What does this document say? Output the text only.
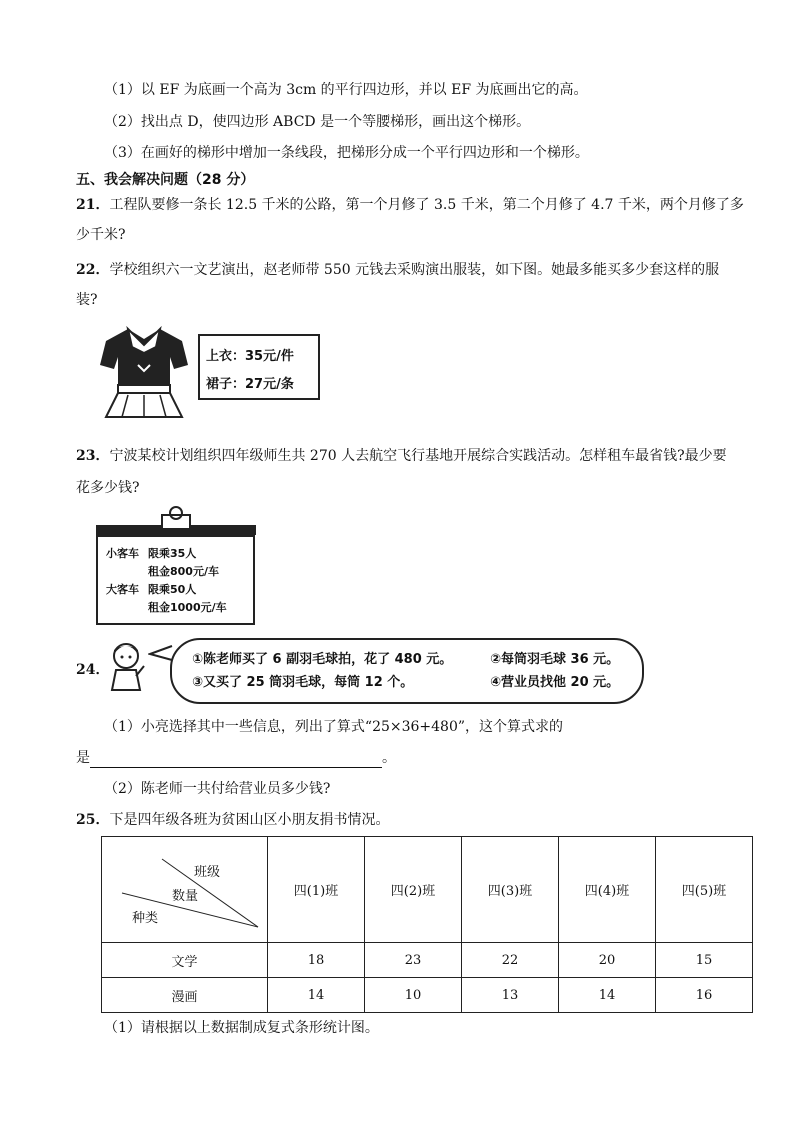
（1）以 EF 为底画一个高为 3cm 的平行四边形，并以 EF 为底画出它的高。
（2）找出点 D，使四边形 ABCD 是一个等腰梯形，画出这个梯形。
（3）在画好的梯形中增加一条线段，把梯形分成一个平行四边形和一个梯形。
五、我会解决问题（28 分）
21．工程队要修一条长 12.5 千米的公路，第一个月修了 3.5 千米，第二个月修了 4.7 千米，两个月修了多
少千米?
22．学校组织六一文艺演出，赵老师带 550 元钱去采购演出服装，如下图。她最多能买多少套这样的服
装?
上衣：35元/件
裙子：27元/条
23．宁波某校计划组织四年级师生共 270 人去航空飞行基地开展综合实践活动。怎样租车最省钱?最少要
花多少钱?
小客车 限乘35人
租金800元/车
大客车 限乘50人
租金1000元/车
24．
①陈老师买了 6 副羽毛球拍，花了 480 元。	②每筒羽毛球 36 元。
③又买了 25 筒羽毛球，每筒 12 个。	④营业员找他 20 元。
（1）小亮选择其中一些信息，列出了算式“25×36+480”，这个算式求的
是	。
（2）陈老师一共付给营业员多少钱?
25．下是四年级各班为贫困山区小朋友捐书情况。
班级
数量
种类	四(1)班	四(2)班	四(3)班	四(4)班	四(5)班
文学	18	23	22	20	15
漫画	14	10	13	14	16
（1）请根据以上数据制成复式条形统计图。
